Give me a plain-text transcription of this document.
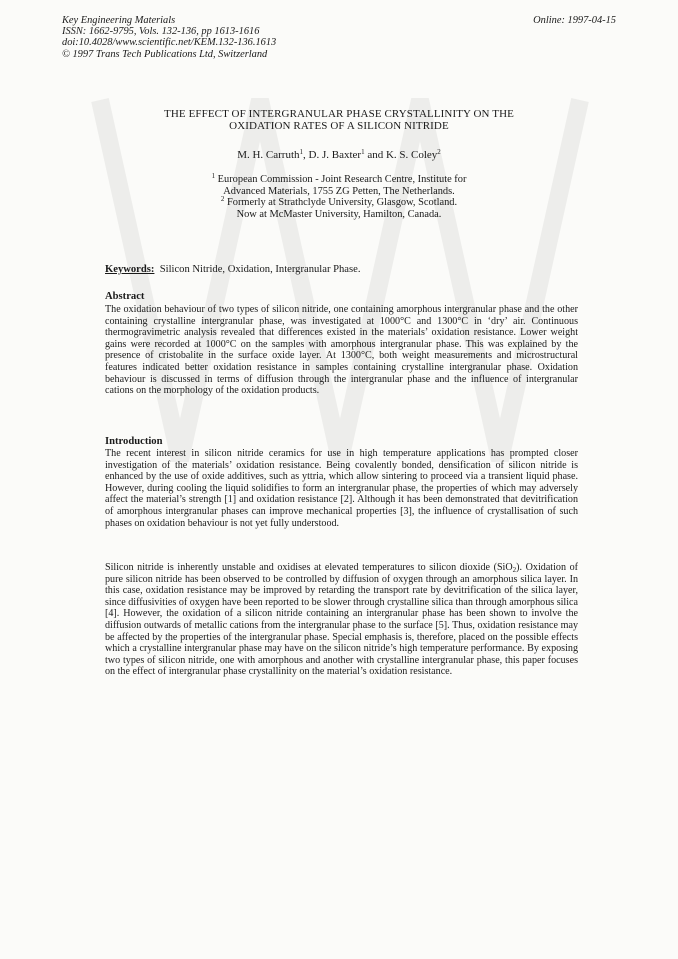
Key Engineering Materials
ISSN: 1662-9795, Vols. 132-136, pp 1613-1616
doi:10.4028/www.scientific.net/KEM.132-136.1613
© 1997 Trans Tech Publications Ltd, Switzerland
Online: 1997-04-15
THE EFFECT OF INTERGRANULAR PHASE CRYSTALLINITY ON THE
OXIDATION RATES OF A SILICON NITRIDE
M. H. Carruth$^1$, D. J. Baxter$^1$ and K. S. Coley$^2$
$^1$ European Commission - Joint Research Centre, Institute for
Advanced Materials, 1755 ZG Petten, The Netherlands.
$^2$ Formerly at Strathclyde University, Glasgow, Scotland.
Now at McMaster University, Hamilton, Canada.
Keywords: Silicon Nitride, Oxidation, Intergranular Phase.
Abstract

The oxidation behaviour of two types of silicon nitride, one containing amorphous intergranular phase and the other containing crystalline intergranular phase, was investigated at 1000°C and 1300°C in ‘dry’ air. Continuous thermogravimetric analysis revealed that differences existed in the materials’ oxidation resistance. Lower weight gains were recorded at 1000°C on the samples with amorphous intergranular phase. This was explained by the presence of cristobalite in the surface oxide layer. At 1300°C, both weight measurements and microstructural features indicated better oxidation resistance in samples containing crystalline intergranular phase. Oxidation behaviour is discussed in terms of diffusion through the intergranular phase and the influence of intergranular cations on the morphology of the oxidation products.

Introduction

The recent interest in silicon nitride ceramics for use in high temperature applications has prompted closer investigation of the materials’ oxidation resistance. Being covalently bonded, densification of silicon nitride is enhanced by the use of oxide additives, such as yttria, which allow sintering to proceed via a transient liquid phase. However, during cooling the liquid solidifies to form an intergranular phase, the properties of which may adversely affect the material’s strength [1] and oxidation resistance [2]. Although it has been demonstrated that devitrification of amorphous intergranular phases can improve mechanical properties [3], the influence of crystallisation of such phases on oxidation behaviour is not yet fully understood.

Silicon nitride is inherently unstable and oxidises at elevated temperatures to silicon dioxide (SiO$_2$). Oxidation of pure silicon nitride has been observed to be controlled by diffusion of oxygen through an amorphous silica layer. In this case, oxidation resistance may be improved by retarding the transport rate by devitrification of the silica layer, since diffusivities of oxygen have been reported to be slower through crystalline silica than through amorphous silica [4]. However, the oxidation of a silicon nitride containing an intergranular phase has been shown to involve the diffusion outwards of metallic cations from the intergranular phase to the surface [5]. Thus, oxidation resistance may be affected by the properties of the intergranular phase. Special emphasis is, therefore, placed on the possible effects which a crystalline intergranular phase may have on the silicon nitride’s high temperature performance. By exposing two types of silicon nitride, one with amorphous and another with crystalline intergranular phase, this paper focuses on the effect of intergranular phase crystallinity on the material’s oxidation resistance.
